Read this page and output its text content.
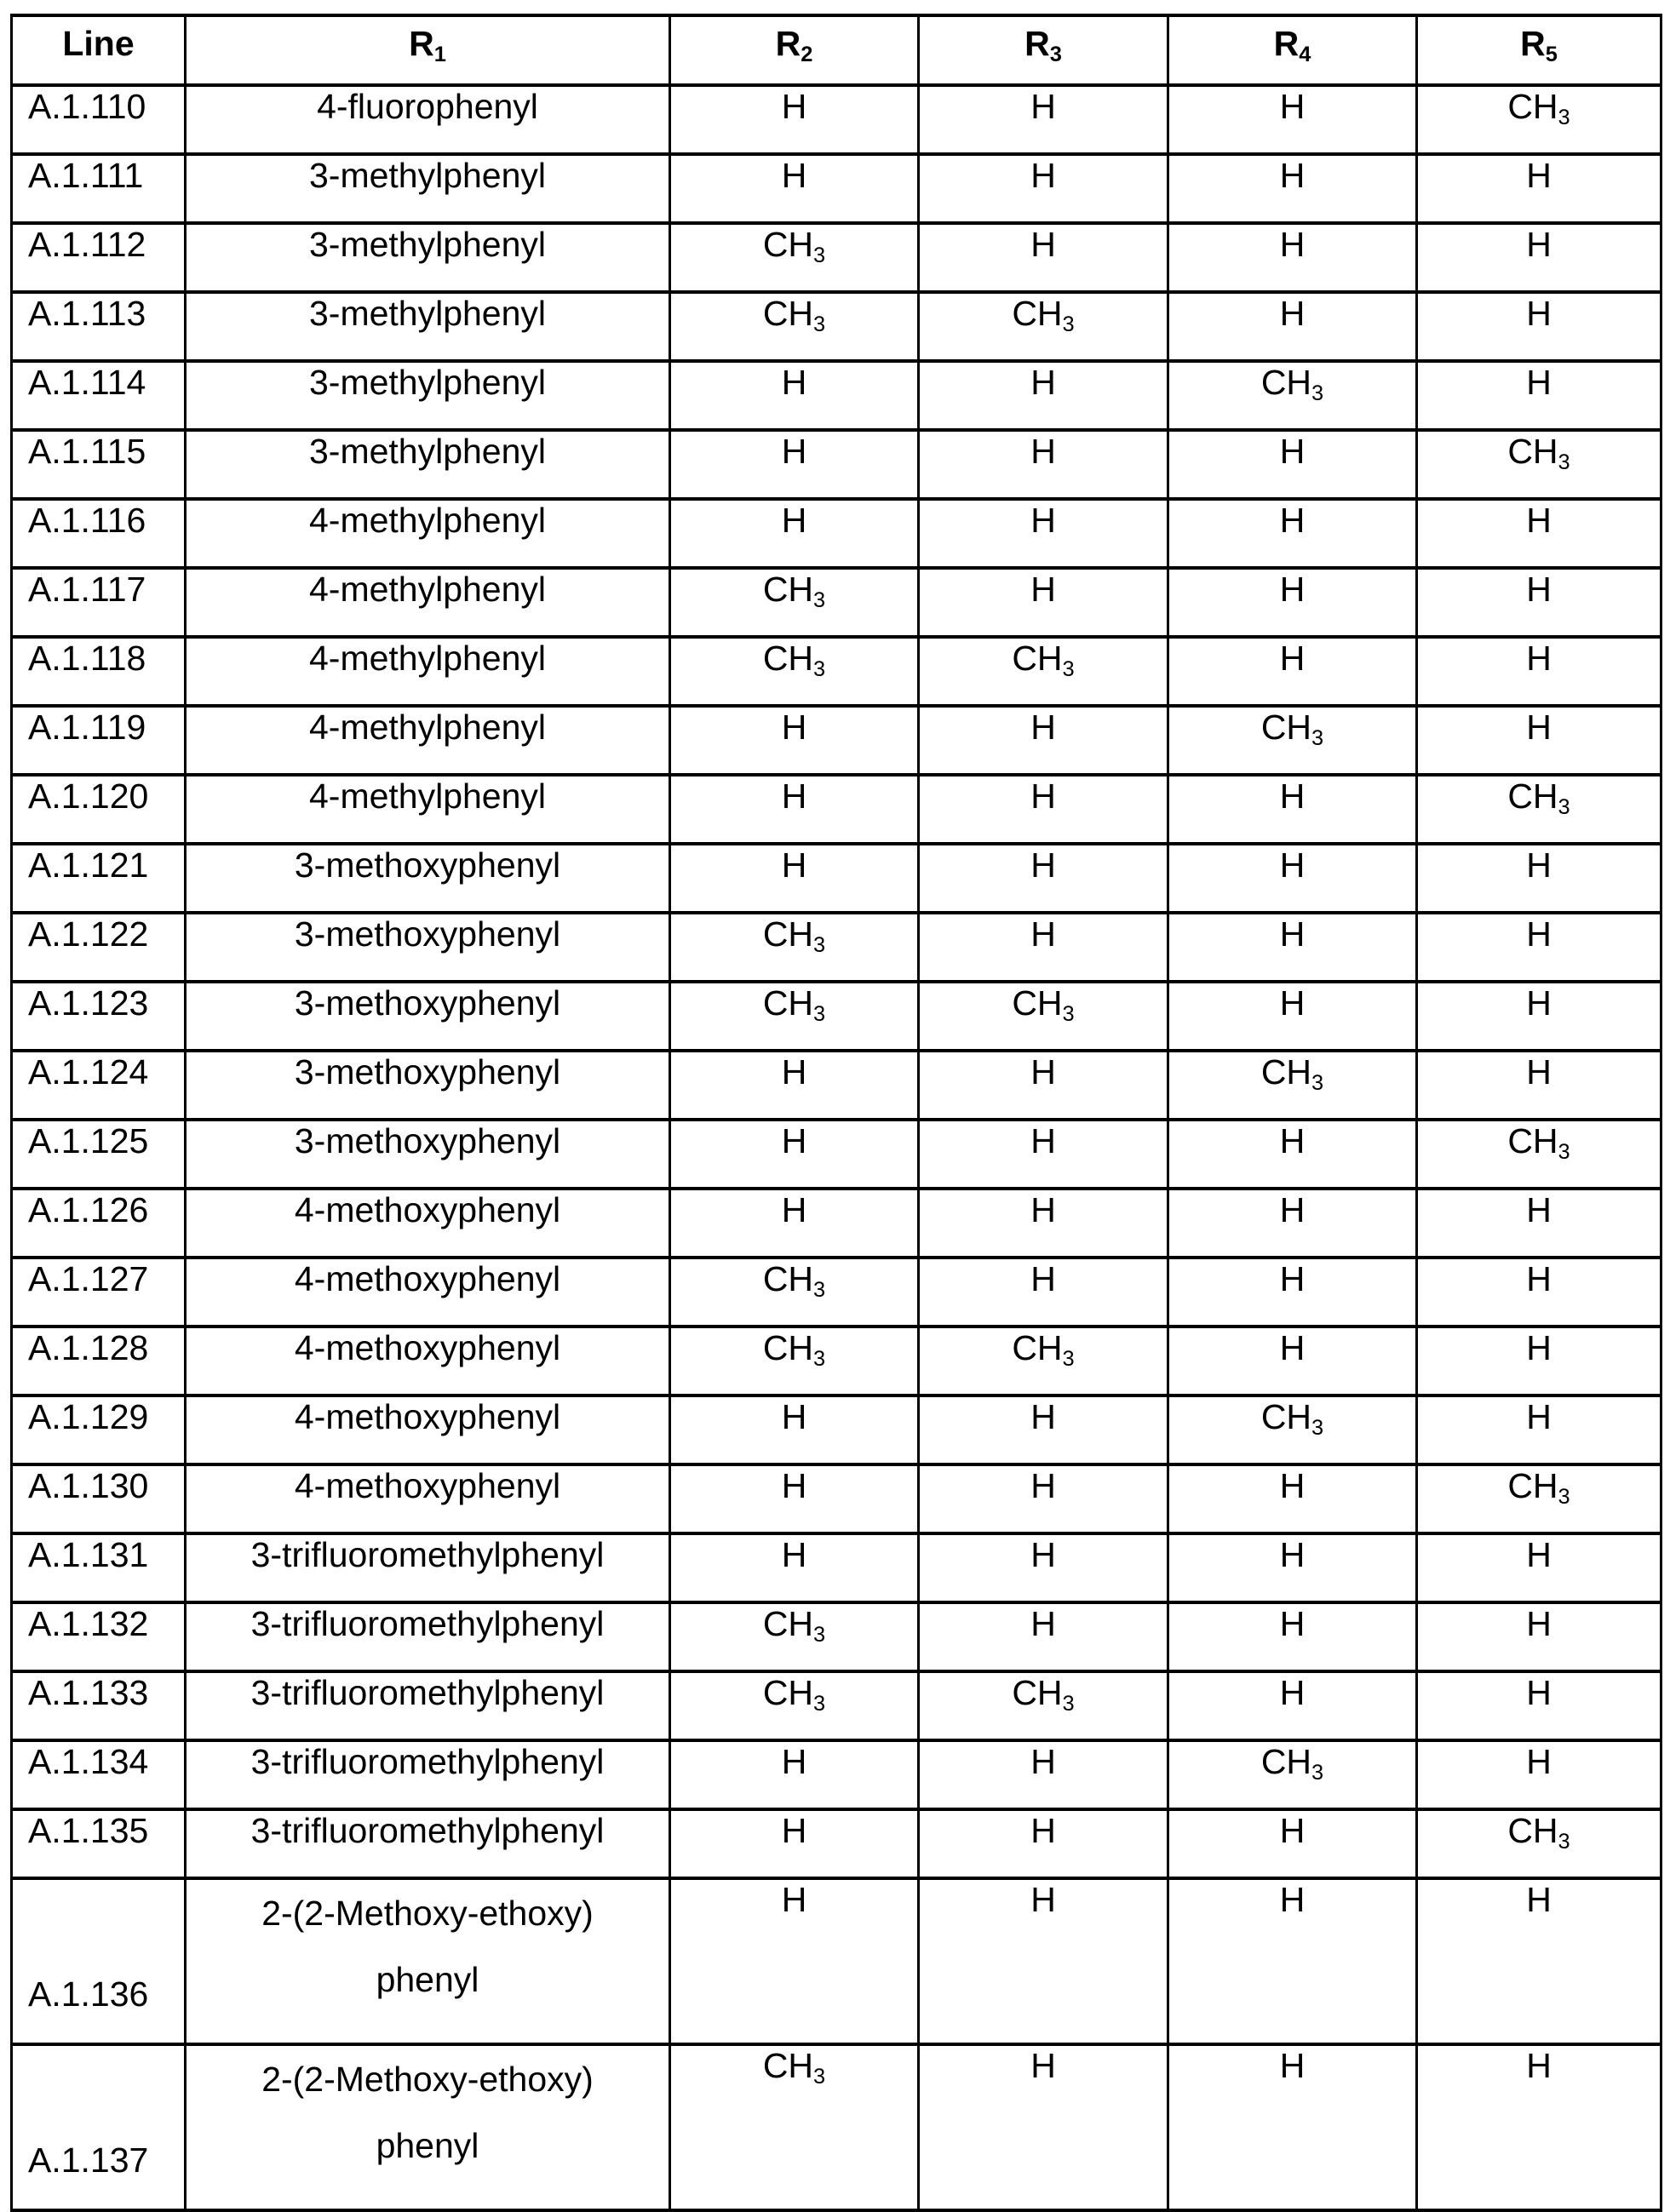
Line	$R_1$	$R_2$	$R_3$	$R_4$	$R_5$
A.1.110	4-fluorophenyl	H	H	H	$CH_3$
A.1.111	3-methylphenyl	H	H	H	H
A.1.112	3-methylphenyl	$CH_3$	H	H	H
A.1.113	3-methylphenyl	$CH_3$	$CH_3$	H	H
A.1.114	3-methylphenyl	H	H	$CH_3$	H
A.1.115	3-methylphenyl	H	H	H	$CH_3$
A.1.116	4-methylphenyl	H	H	H	H
A.1.117	4-methylphenyl	$CH_3$	H	H	H
A.1.118	4-methylphenyl	$CH_3$	$CH_3$	H	H
A.1.119	4-methylphenyl	H	H	$CH_3$	H
A.1.120	4-methylphenyl	H	H	H	$CH_3$
A.1.121	3-methoxyphenyl	H	H	H	H
A.1.122	3-methoxyphenyl	$CH_3$	H	H	H
A.1.123	3-methoxyphenyl	$CH_3$	$CH_3$	H	H
A.1.124	3-methoxyphenyl	H	H	$CH_3$	H
A.1.125	3-methoxyphenyl	H	H	H	$CH_3$
A.1.126	4-methoxyphenyl	H	H	H	H
A.1.127	4-methoxyphenyl	$CH_3$	H	H	H
A.1.128	4-methoxyphenyl	$CH_3$	$CH_3$	H	H
A.1.129	4-methoxyphenyl	H	H	$CH_3$	H
A.1.130	4-methoxyphenyl	H	H	H	$CH_3$
A.1.131	3-trifluoromethylphenyl	H	H	H	H
A.1.132	3-trifluoromethylphenyl	$CH_3$	H	H	H
A.1.133	3-trifluoromethylphenyl	$CH_3$	$CH_3$	H	H
A.1.134	3-trifluoromethylphenyl	H	H	$CH_3$	H
A.1.135	3-trifluoromethylphenyl	H	H	H	$CH_3$
A.1.136	2-(2-Methoxy-ethoxy)
phenyl	H	H	H	H
A.1.137	2-(2-Methoxy-ethoxy)
phenyl	$CH_3$	H	H	H
